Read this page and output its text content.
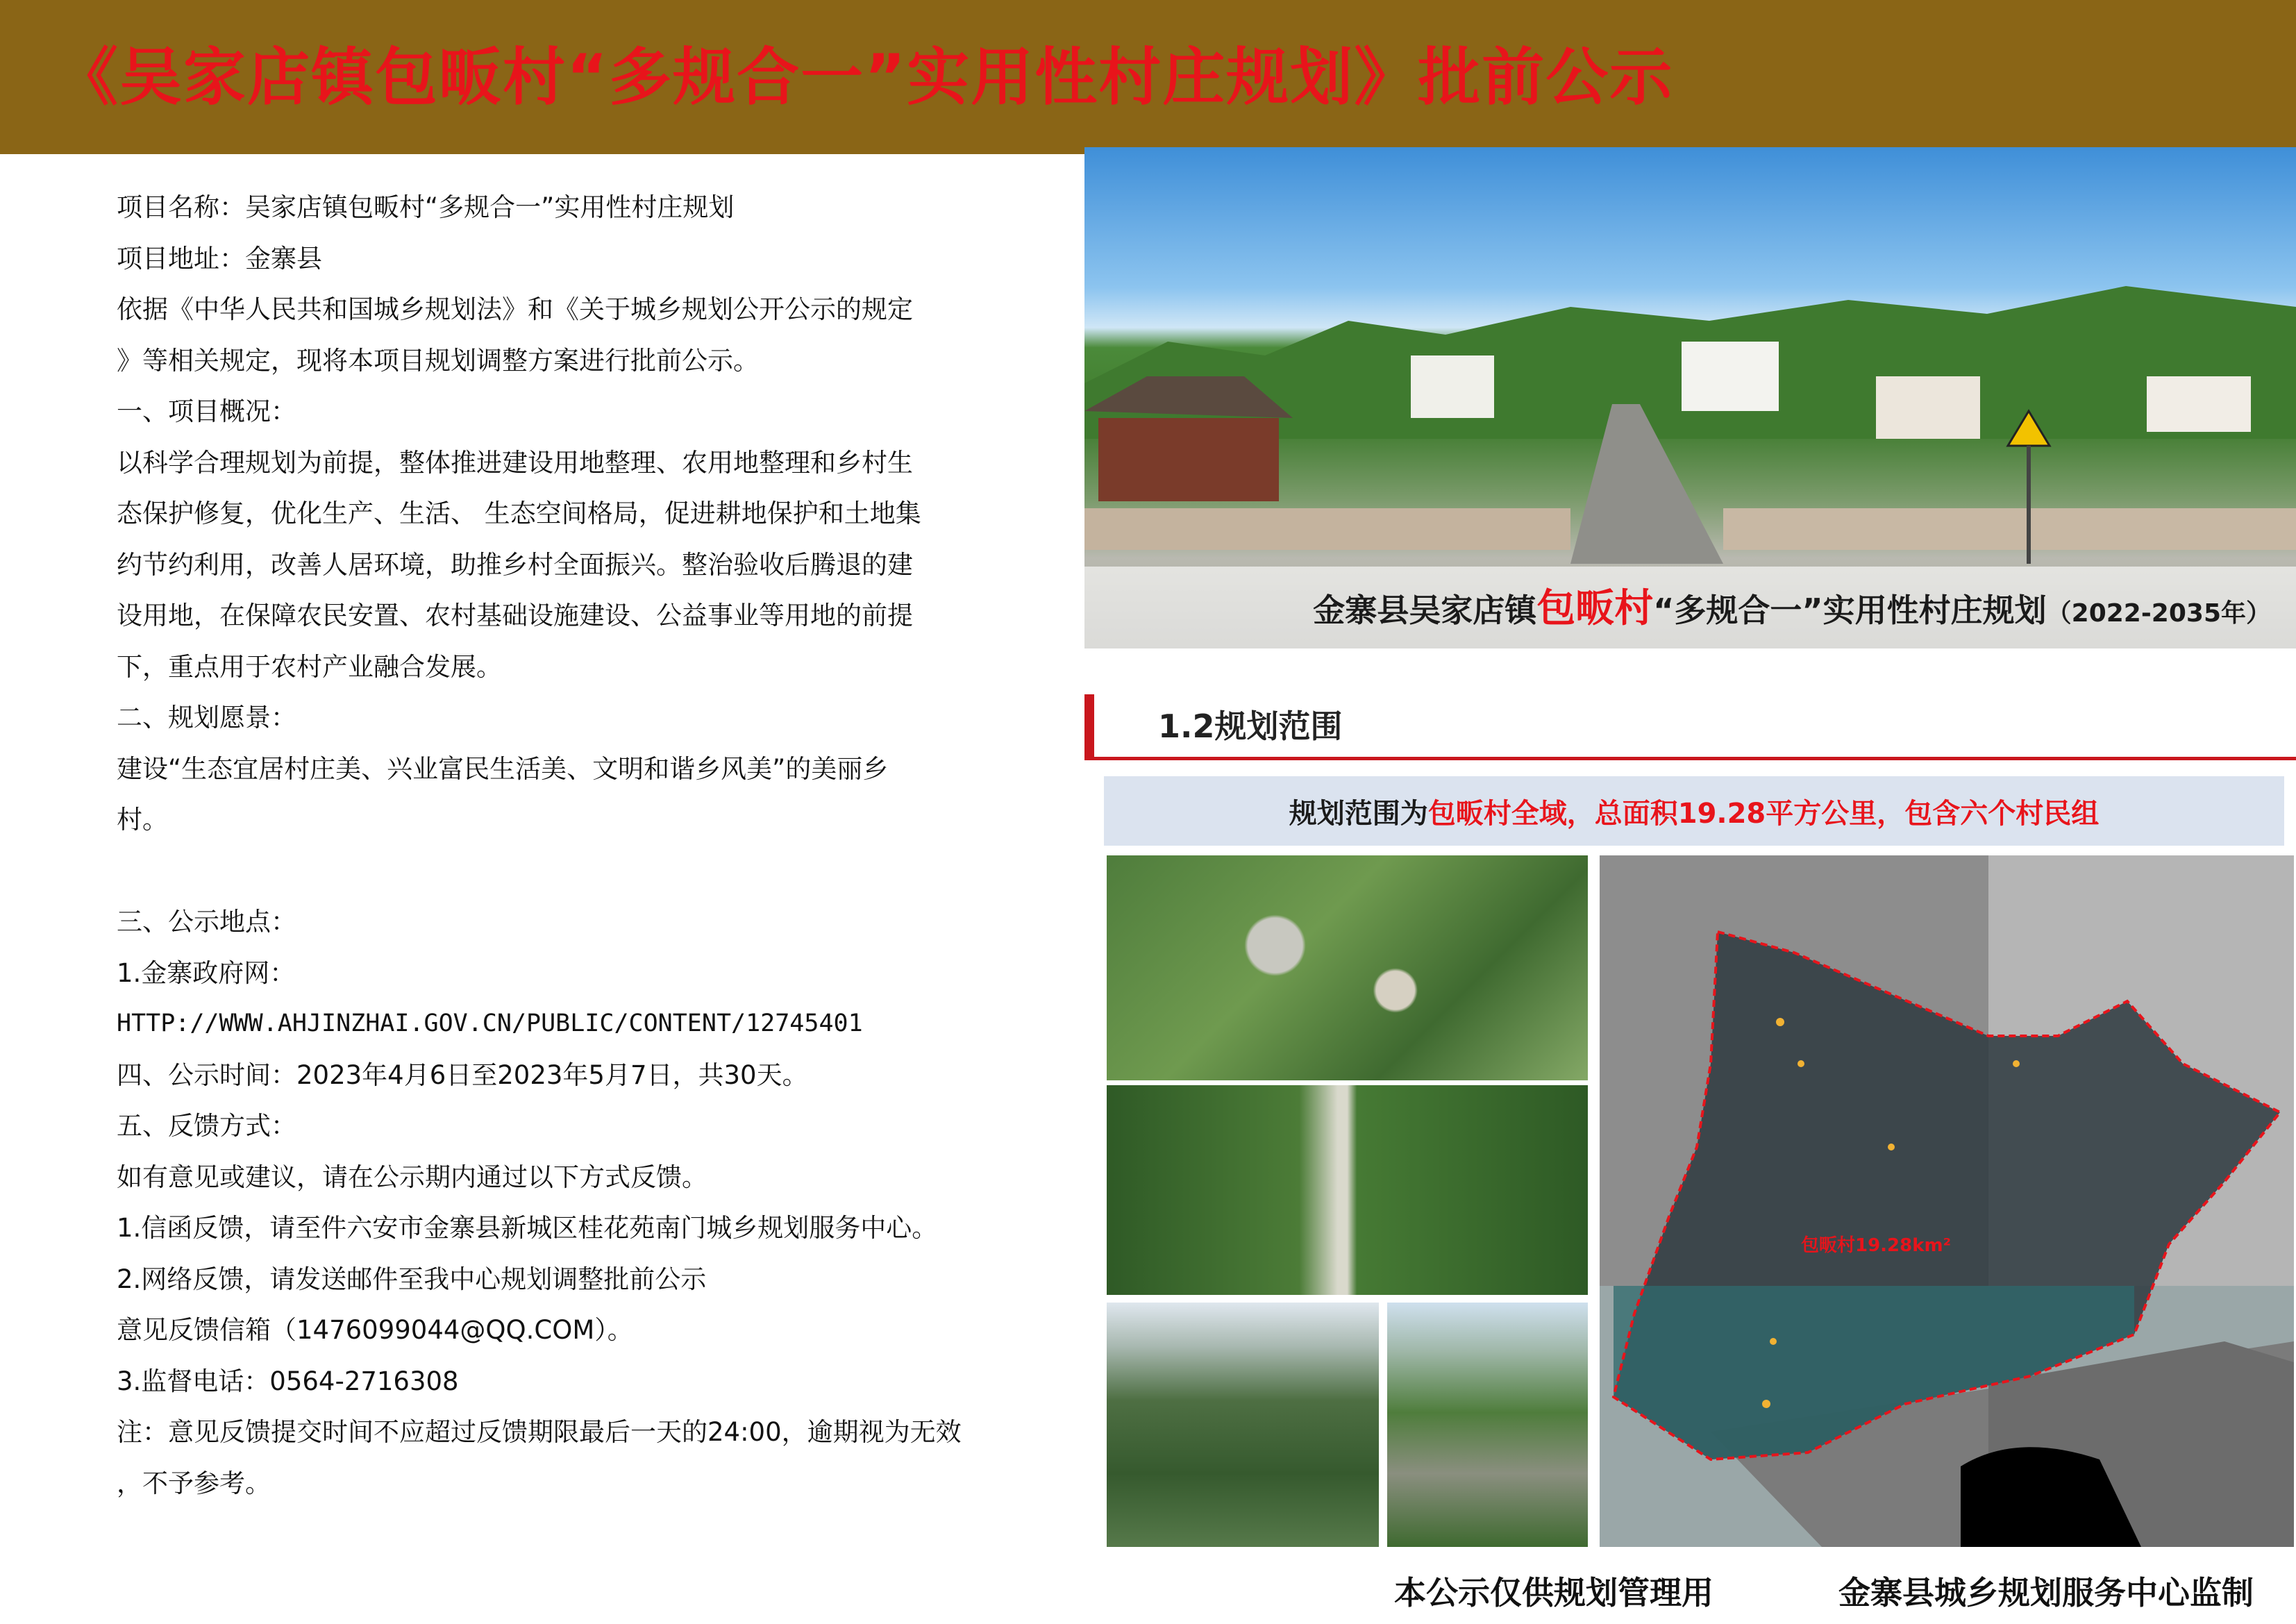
《吴家店镇包畈村“多规合一”实用性村庄规划》批前公示
项目名称：吴家店镇包畈村“多规合一”实用性村庄规划
项目地址：金寨县
依据《中华人民共和国城乡规划法》和《关于城乡规划公开公示的规定
》等相关规定，现将本项目规划调整方案进行批前公示。
一、项目概况：
以科学合理规划为前提，整体推进建设用地整理、农用地整理和乡村生
态保护修复，优化生产、生活、 生态空间格局，促进耕地保护和土地集
约节约利用，改善人居环境，助推乡村全面振兴。整治验收后腾退的建
设用地，在保障农民安置、农村基础设施建设、公益事业等用地的前提
下，重点用于农村产业融合发展。
二、规划愿景：
建设“生态宜居村庄美、兴业富民生活美、文明和谐乡风美”的美丽乡
村。
三、公示地点：
1.金寨政府网：
HTTP://WWW.AHJINZHAI.GOV.CN/PUBLIC/CONTENT/12745401
四、公示时间：2023年4月6日至2023年5月7日，共30天。
五、反馈方式：
如有意见或建议，请在公示期内通过以下方式反馈。
1.信函反馈，请至件六安市金寨县新城区桂花苑南门城乡规划服务中心。
2.网络反馈，请发送邮件至我中心规划调整批前公示
意见反馈信箱（1476099044@QQ.COM）。
3.监督电话：0564-2716308
注：意见反馈提交时间不应超过反馈期限最后一天的24:00，逾期视为无效
，不予参考。
金寨县吴家店镇包畈村“多规合一”实用性村庄规划（2022-2035年）
1.2规划范围
规划范围为包畈村全域，总面积19.28平方公里，包含六个村民组
包畈村19.28km²
本公示仅供规划管理用	金寨县城乡规划服务中心监制
